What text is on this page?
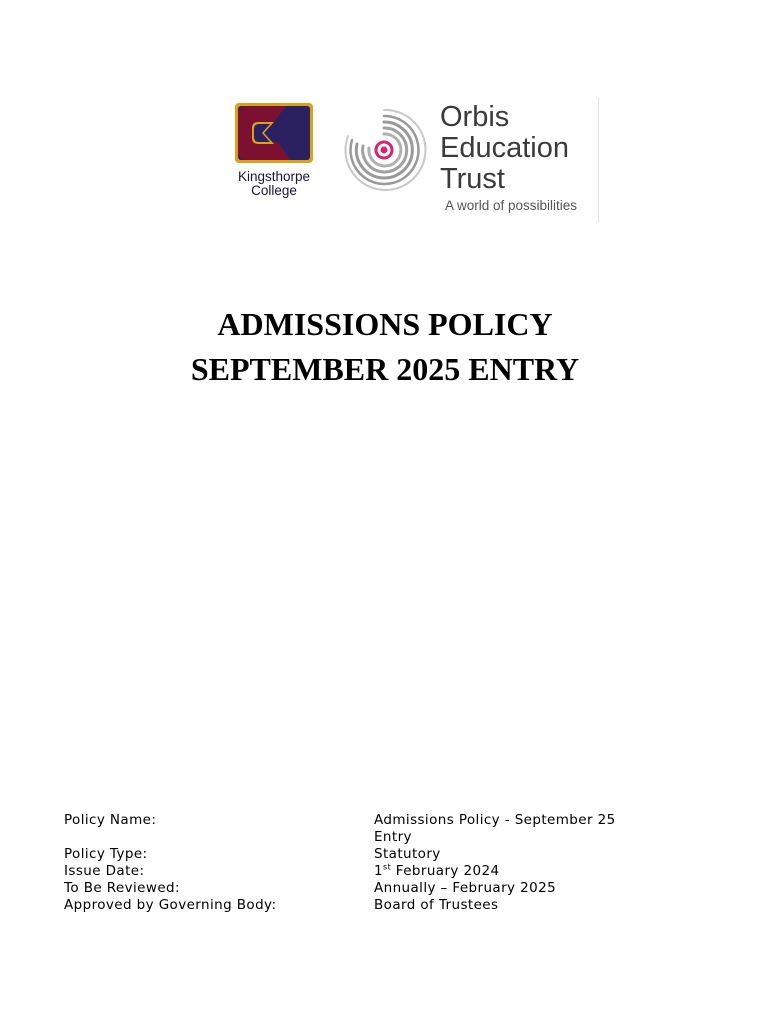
Kingsthorpe
College
Orbis
Education
Trust
A world of possibilities
ADMISSIONS POLICY
SEPTEMBER 2025 ENTRY
Policy Name:	Admissions Policy - September 25 Entry
Policy Type:	Statutory
Issue Date:	1st February 2024
To Be Reviewed:	Annually – February 2025
Approved by Governing Body:	Board of Trustees
